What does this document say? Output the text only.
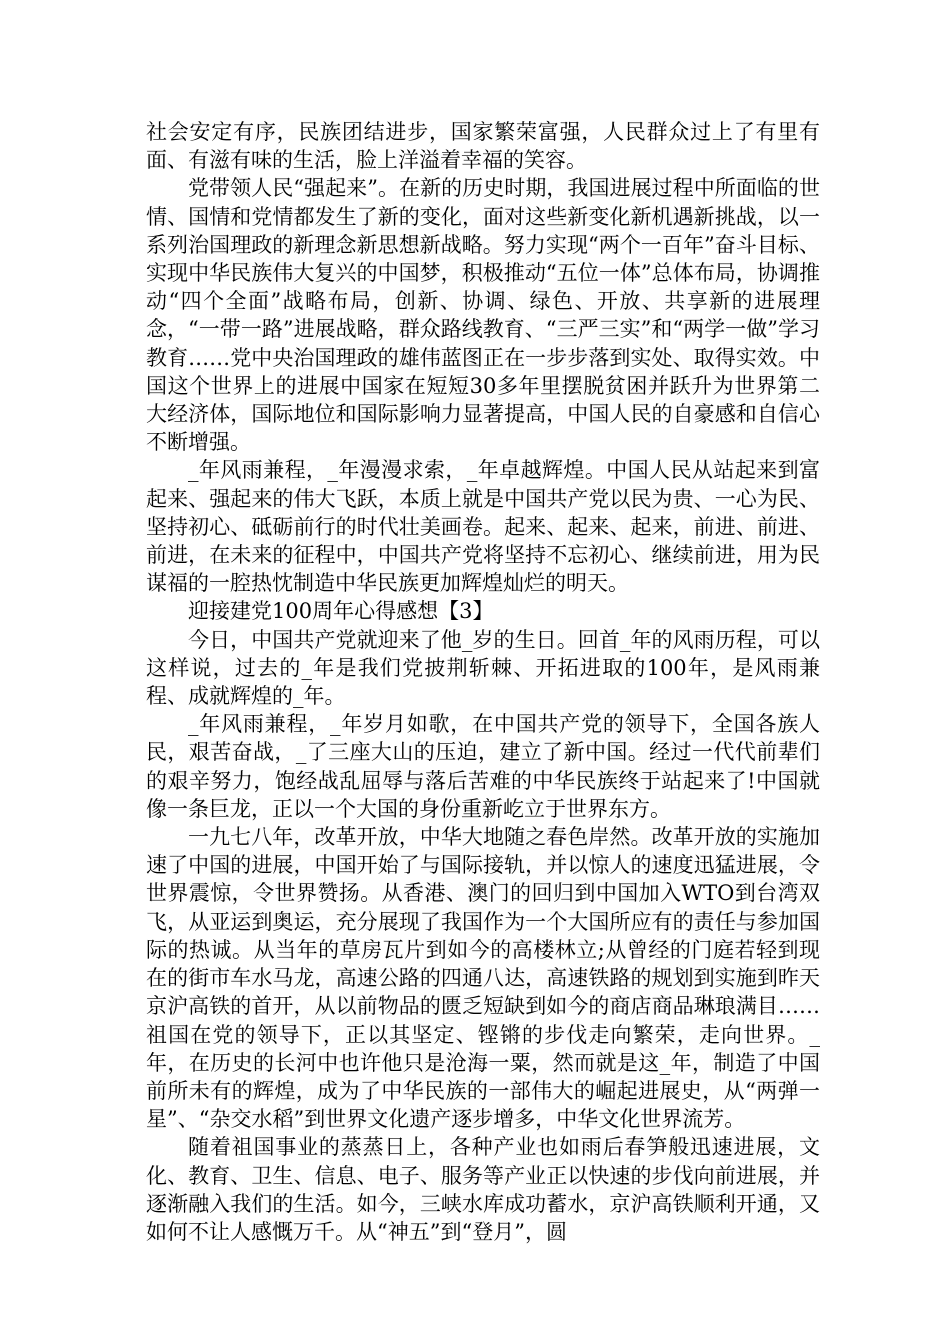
社会安定有序，民族团结进步，国家繁荣富强，人民群众过上了有里有面、有滋有味的生活，脸上洋溢着幸福的笑容。

党带领人民“强起来”。在新的历史时期，我国进展过程中所面临的世情、国情和党情都发生了新的变化，面对这些新变化新机遇新挑战，以一系列治国理政的新理念新思想新战略。努力实现“两个一百年”奋斗目标、实现中华民族伟大复兴的中国梦，积极推动“五位一体”总体布局，协调推动“四个全面”战略布局，创新、协调、绿色、开放、共享新的进展理念，“一带一路”进展战略，群众路线教育、“三严三实”和“两学一做”学习教育……党中央治国理政的雄伟蓝图正在一步步落到实处、取得实效。中国这个世界上的进展中国家在短短30多年里摆脱贫困并跃升为世界第二大经济体，国际地位和国际影响力显著提高，中国人民的自豪感和自信心不断增强。

_年风雨兼程，_年漫漫求索，_年卓越辉煌。中国人民从站起来到富起来、强起来的伟大飞跃，本质上就是中国共产党以民为贵、一心为民、坚持初心、砥砺前行的时代壮美画卷。起来、起来、起来，前进、前进、前进，在未来的征程中，中国共产党将坚持不忘初心、继续前进，用为民谋福的一腔热忱制造中华民族更加辉煌灿烂的明天。

迎接建党100周年心得感想【3】

今日，中国共产党就迎来了他_岁的生日。回首_年的风雨历程，可以这样说，过去的_年是我们党披荆斩棘、开拓进取的100年，是风雨兼程、成就辉煌的_年。

_年风雨兼程，_年岁月如歌，在中国共产党的领导下，全国各族人民，艰苦奋战，_了三座大山的压迫，建立了新中国。经过一代代前辈们的艰辛努力，饱经战乱屈辱与落后苦难的中华民族终于站起来了!中国就像一条巨龙，正以一个大国的身份重新屹立于世界东方。

一九七八年，改革开放，中华大地随之春色岸然。改革开放的实施加速了中国的进展，中国开始了与国际接轨，并以惊人的速度迅猛进展，令世界震惊，令世界赞扬。从香港、澳门的回归到中国加入WTO到台湾双飞，从亚运到奥运，充分展现了我国作为一个大国所应有的责任与参加国际的热诚。从当年的草房瓦片到如今的高楼林立;从曾经的门庭若轻到现在的街市车水马龙，高速公路的四通八达，高速铁路的规划到实施到昨天京沪高铁的首开，从以前物品的匮乏短缺到如今的商店商品琳琅满目……祖国在党的领导下，正以其坚定、铿锵的步伐走向繁荣，走向世界。_年，在历史的长河中也许他只是沧海一粟，然而就是这_年，制造了中国前所未有的辉煌，成为了中华民族的一部伟大的崛起进展史，从“两弹一星”、“杂交水稻”到世界文化遗产逐步增多，中华文化世界流芳。

随着祖国事业的蒸蒸日上，各种产业也如雨后春笋般迅速进展，文化、教育、卫生、信息、电子、服务等产业正以快速的步伐向前进展，并逐渐融入我们的生活。如今，三峡水库成功蓄水，京沪高铁顺利开通，又如何不让人感慨万千。从“神五”到“登月”，圆
